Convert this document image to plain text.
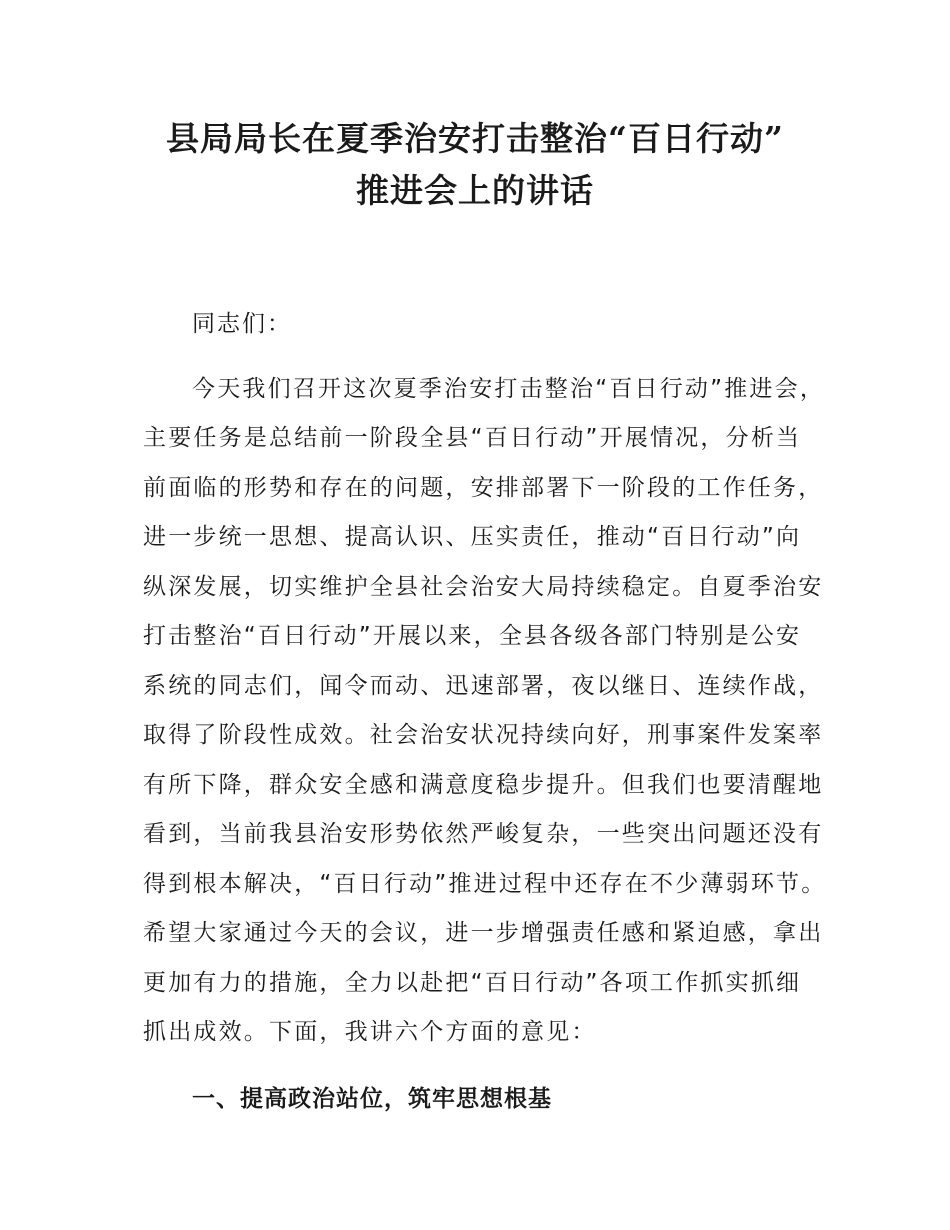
县局局长在夏季治安打击整治“百日行动”
推进会上的讲话

同志们：

今天我们召开这次夏季治安打击整治“百日行动”推进会，

主要任务是总结前一阶段全县“百日行动”开展情况，分析当

前面临的形势和存在的问题，安排部署下一阶段的工作任务，

进一步统一思想、提高认识、压实责任，推动“百日行动”向

纵深发展，切实维护全县社会治安大局持续稳定。自夏季治安

打击整治“百日行动”开展以来，全县各级各部门特别是公安

系统的同志们，闻令而动、迅速部署，夜以继日、连续作战，

取得了阶段性成效。社会治安状况持续向好，刑事案件发案率

有所下降，群众安全感和满意度稳步提升。但我们也要清醒地

看到，当前我县治安形势依然严峻复杂，一些突出问题还没有

得到根本解决，“百日行动”推进过程中还存在不少薄弱环节。

希望大家通过今天的会议，进一步增强责任感和紧迫感，拿出

更加有力的措施，全力以赴把“百日行动”各项工作抓实抓细

抓出成效。下面，我讲六个方面的意见：

一、提高政治站位，筑牢思想根基
